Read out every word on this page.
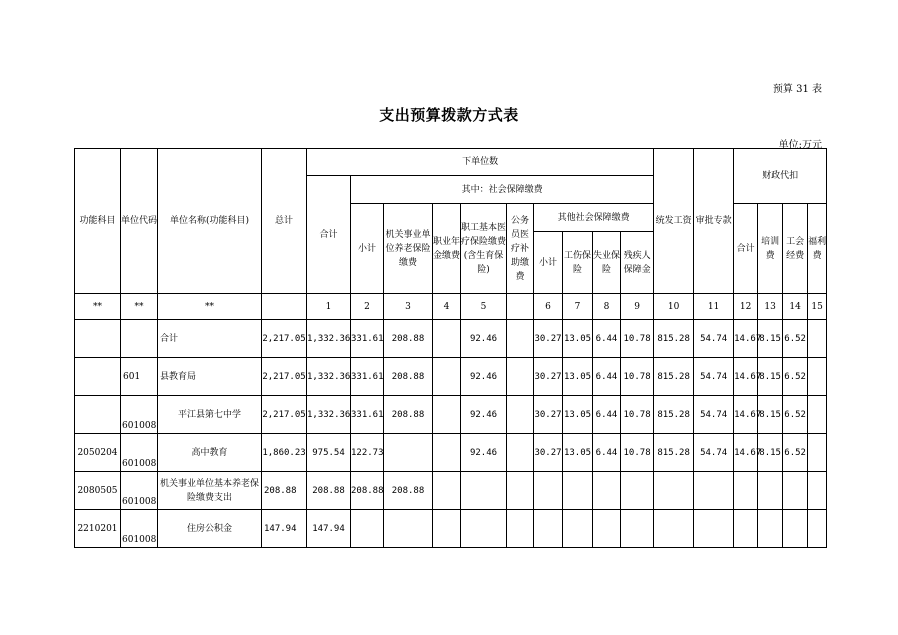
预算 31 表
支出预算拨款方式表
单位:万元
功能科目	单位代码	单位名称(功能科目)	总计	下单位数										统发工资	审批专款	财政代扣			
				合计	其中：社会保障缴费														
					小计	机关事业单位养老保险缴费	职业年金缴费	职工基本医疗保险缴费(含生育保险)	公务员医疗补助缴费	其他社会保障缴费						合计	培训费	工会经费	福利费
										小计	工伤保险	失业保险	残疾人保障金						
**	**	**		1	2	3	4	5		6	7	8	9	10	11	12	13	14	15
		合计	2,217.05	1,332.36	331.61	208.88		92.46		30.27	13.05	6.44	10.78	815.28	54.74	14.67	8.15	6.52	
	601	县教育局	2,217.05	1,332.36	331.61	208.88		92.46		30.27	13.05	6.44	10.78	815.28	54.74	14.67	8.15	6.52	
	601008	平江县第七中学	2,217.05	1,332.36	331.61	208.88		92.46		30.27	13.05	6.44	10.78	815.28	54.74	14.67	8.15	6.52	
2050204	601008	高中教育	1,860.23	975.54	122.73			92.46		30.27	13.05	6.44	10.78	815.28	54.74	14.67	8.15	6.52	
2080505	601008	机关事业单位基本养老保险缴费支出	208.88	208.88	208.88	208.88													
2210201	601008	住房公积金	147.94	147.94															
